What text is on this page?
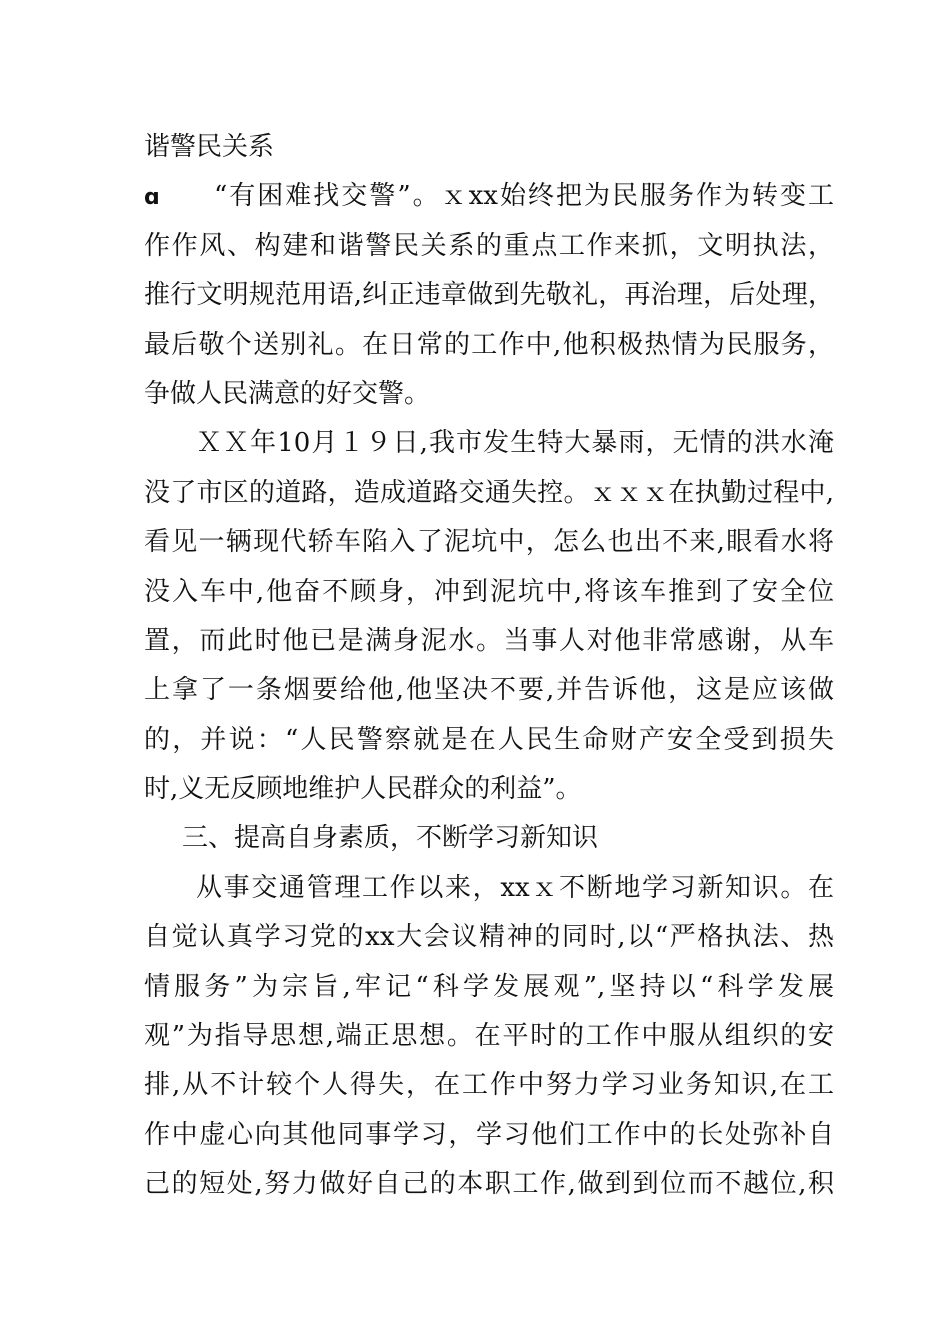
谐警民关系
ɑ “有困难找交警”。ｘxx始终把为民服务作为转变工
作作风、构建和谐警民关系的重点工作来抓，文明执法，
推行文明规范用语,纠正违章做到先敬礼，再治理，后处理，
最后敬个送别礼。在日常的工作中,他积极热情为民服务，
争做人民满意的好交警。
ＸＸ年10月１９日,我市发生特大暴雨，无情的洪水淹
没了市区的道路，造成道路交通失控。ｘｘｘ在执勤过程中,
看见一辆现代轿车陷入了泥坑中，怎么也出不来,眼看水将
没入车中,他奋不顾身，冲到泥坑中,将该车推到了安全位
置，而此时他已是满身泥水。当事人对他非常感谢，从车
上拿了一条烟要给他,他坚决不要,并告诉他，这是应该做
的，并说：“人民警察就是在人民生命财产安全受到损失
时,义无反顾地维护人民群众的利益”。
三、提高自身素质，不断学习新知识
从事交通管理工作以来，xxｘ不断地学习新知识。在
自觉认真学习党的xx大会议精神的同时,以“严格执法、热
情服务”为宗旨,牢记“科学发展观”,坚持以“科学发展
观”为指导思想,端正思想。在平时的工作中服从组织的安
排,从不计较个人得失，在工作中努力学习业务知识,在工
作中虚心向其他同事学习，学习他们工作中的长处弥补自
己的短处,努力做好自己的本职工作,做到到位而不越位,积
